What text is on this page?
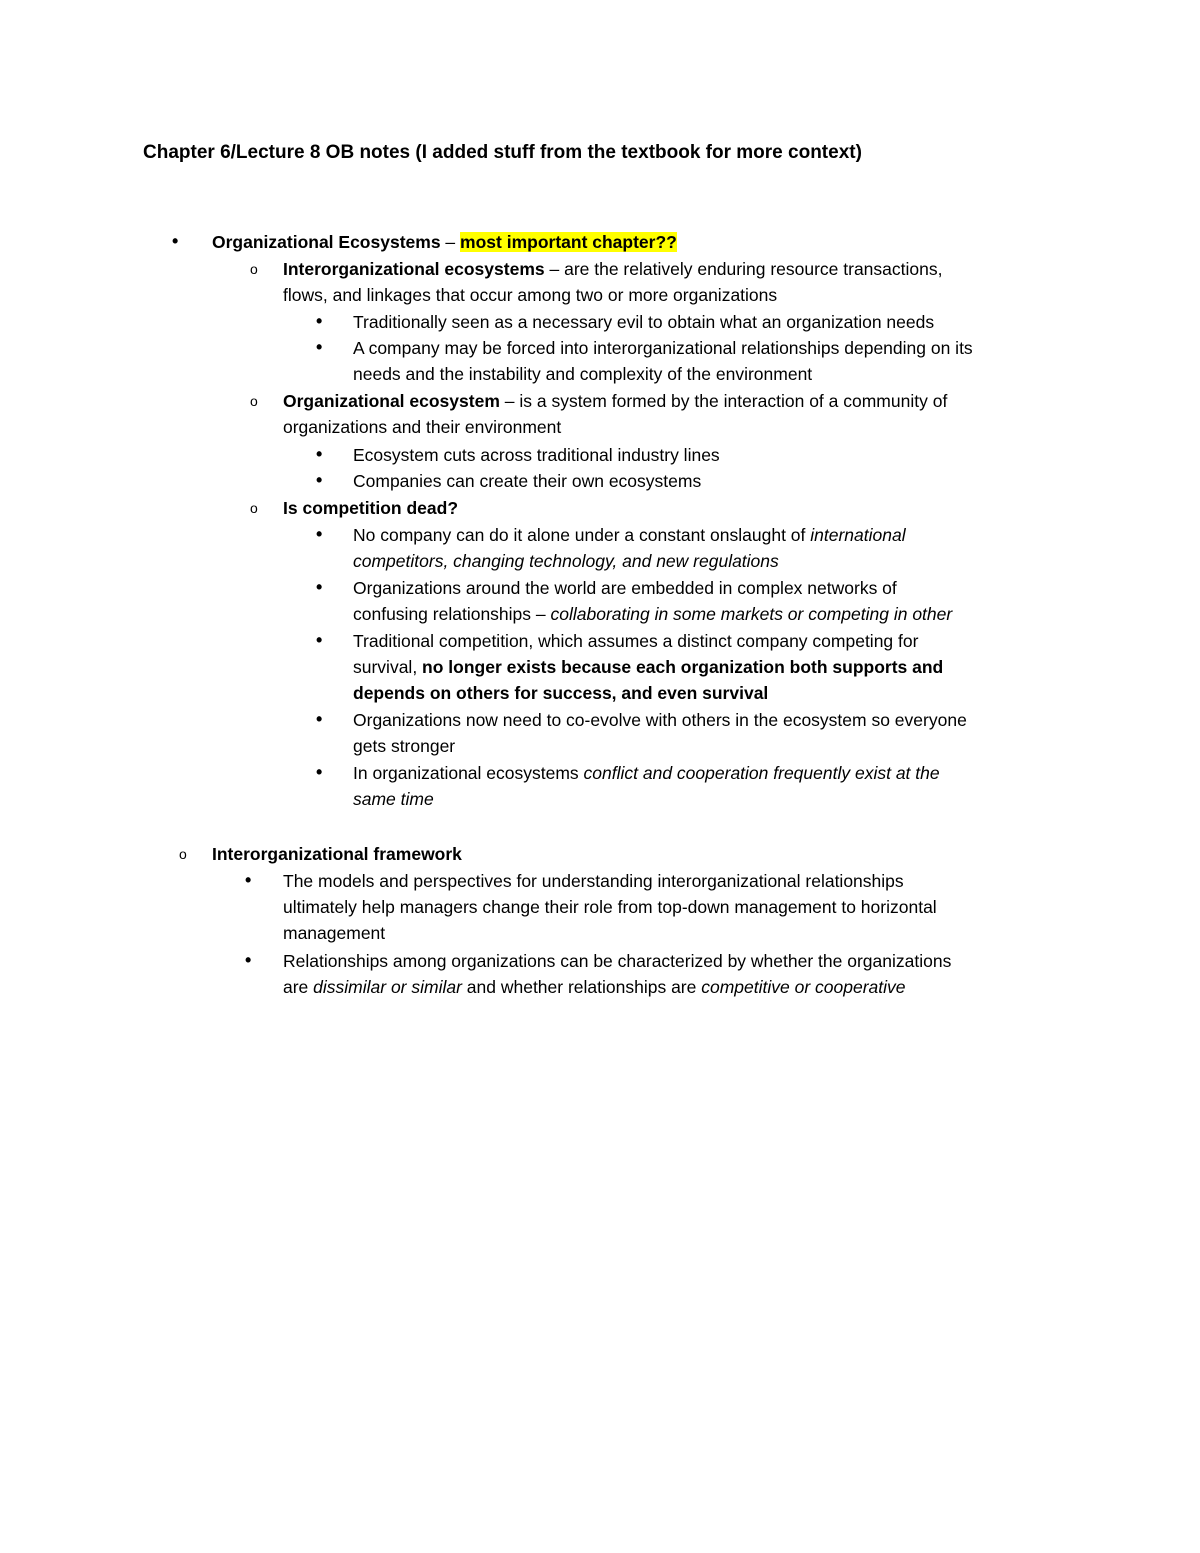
Chapter 6/Lecture 8 OB notes (I added stuff from the textbook for more context)
• Organizational Ecosystems – most important chapter??
o Interorganizational ecosystems – are the relatively enduring resource transactions,
flows, and linkages that occur among two or more organizations
• Traditionally seen as a necessary evil to obtain what an organization needs
• A company may be forced into interorganizational relationships depending on its
needs and the instability and complexity of the environment
o Organizational ecosystem – is a system formed by the interaction of a community of
organizations and their environment
• Ecosystem cuts across traditional industry lines
• Companies can create their own ecosystems
o Is competition dead?
• No company can do it alone under a constant onslaught of international
competitors, changing technology, and new regulations
• Organizations around the world are embedded in complex networks of
confusing relationships – collaborating in some markets or competing in other
• Traditional competition, which assumes a distinct company competing for
survival, no longer exists because each organization both supports and
depends on others for success, and even survival
• Organizations now need to co-evolve with others in the ecosystem so everyone
gets stronger
• In organizational ecosystems conflict and cooperation frequently exist at the
same time
o Interorganizational framework
• The models and perspectives for understanding interorganizational relationships
ultimately help managers change their role from top-down management to horizontal
management
• Relationships among organizations can be characterized by whether the organizations
are dissimilar or similar and whether relationships are competitive or cooperative
